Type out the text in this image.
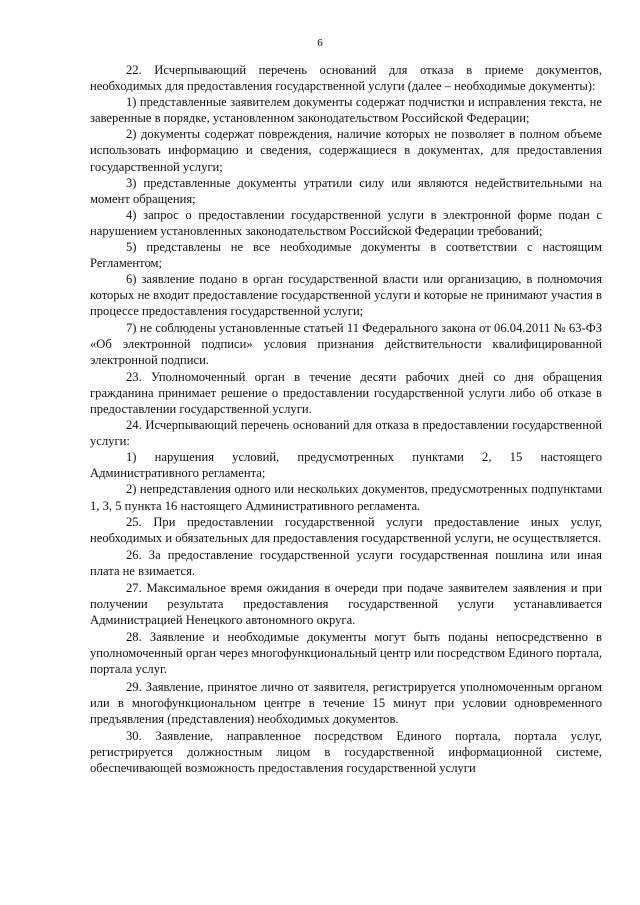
6

22. Исчерпывающий перечень оснований для отказа в приеме документов, необходимых для предоставления государственной услуги (далее – необходимые документы):

1) представленные заявителем документы содержат подчистки и исправления текста, не заверенные в порядке, установленном законодательством Российской Федерации;

2) документы содержат повреждения, наличие которых не позволяет в полном объеме использовать информацию и сведения, содержащиеся в документах, для предоставления государственной услуги;

3) представленные документы утратили силу или являются недействительными на момент обращения;

4) запрос о предоставлении государственной услуги в электронной форме подан с нарушением установленных законодательством Российской Федерации требований;

5) представлены не все необходимые документы в соответствии с настоящим Регламентом;

6) заявление подано в орган государственной власти или организацию, в полномочия которых не входит предоставление государственной услуги и которые не принимают участия в процессе предоставления государственной услуги;

7) не соблюдены установленные статьей 11 Федерального закона от 06.04.2011 № 63-ФЗ «Об электронной подписи» условия признания действительности квалифицированной электронной подписи.

23. Уполномоченный орган в течение десяти рабочих дней со дня обращения гражданина принимает решение о предоставлении государственной услуги либо об отказе в предоставлении государственной услуги.

24. Исчерпывающий перечень оснований для отказа в предоставлении государственной услуги:

1) нарушения условий, предусмотренных пунктами 2, 15 настоящего Административного регламента;

2) непредставления одного или нескольких документов, предусмотренных подпунктами 1, 3, 5 пункта 16 настоящего Административного регламента.

25. При предоставлении государственной услуги предоставление иных услуг, необходимых и обязательных для предоставления государственной услуги, не осуществляется.

26. За предоставление государственной услуги государственная пошлина или иная плата не взимается.

27. Максимальное время ожидания в очереди при подаче заявителем заявления и при получении результата предоставления государственной услуги устанавливается Администрацией Ненецкого автономного округа.

28. Заявление и необходимые документы могут быть поданы непосредственно в уполномоченный орган через многофункциональный центр или посредством Единого портала, портала услуг.

29. Заявление, принятое лично от заявителя, регистрируется уполномоченным органом или в многофункциональном центре в течение 15 минут при условии одновременного предъявления (представления) необходимых документов.

30. Заявление, направленное посредством Единого портала, портала услуг, регистрируется должностным лицом в государственной информационной системе, обеспечивающей возможность предоставления государственной услуги
